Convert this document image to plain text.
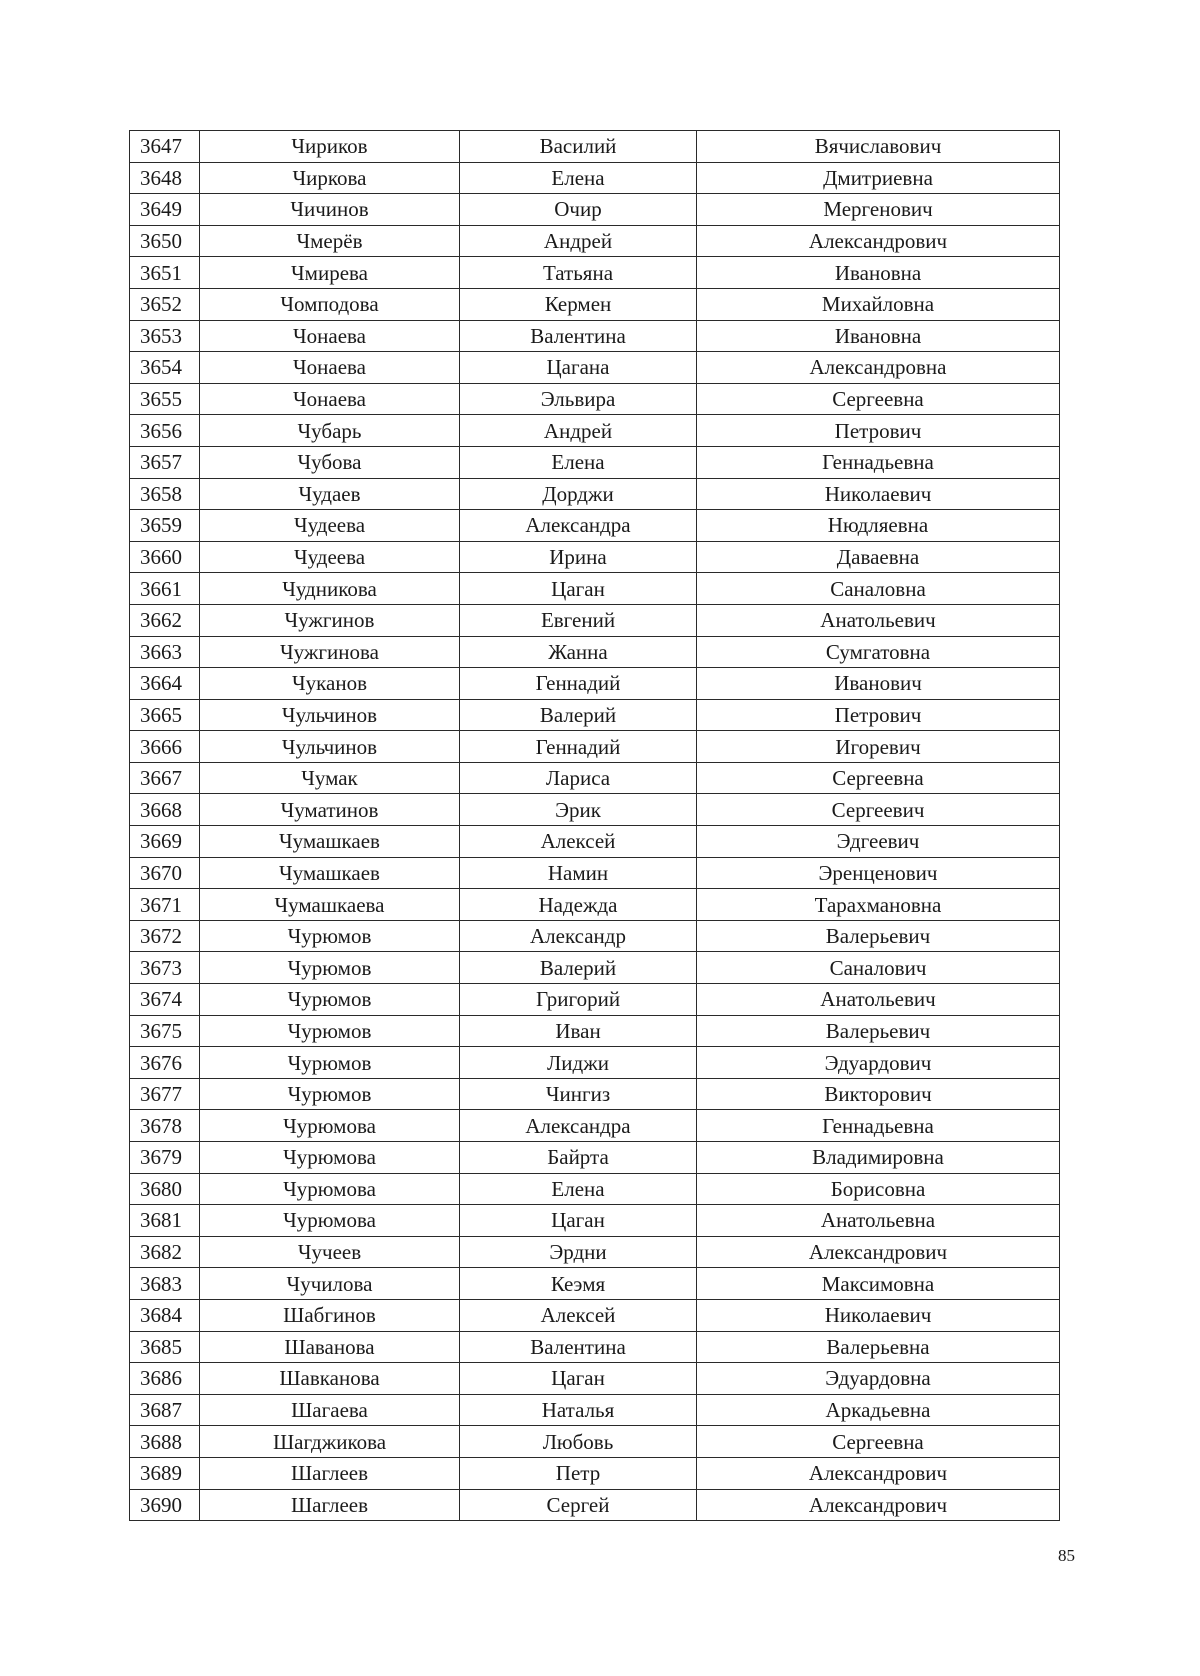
3647	Чириков	Василий	Вячиславович
3648	Чиркова	Елена	Дмитриевна
3649	Чичинов	Очир	Мергенович
3650	Чмерёв	Андрей	Александрович
3651	Чмирева	Татьяна	Ивановна
3652	Чомподова	Кермен	Михайловна
3653	Чонаева	Валентина	Ивановна
3654	Чонаева	Цагана	Александровна
3655	Чонаева	Эльвира	Сергеевна
3656	Чубарь	Андрей	Петрович
3657	Чубова	Елена	Геннадьевна
3658	Чудаев	Дорджи	Николаевич
3659	Чудеева	Александра	Нюдляевна
3660	Чудеева	Ирина	Даваевна
3661	Чудникова	Цаган	Саналовна
3662	Чужгинов	Евгений	Анатольевич
3663	Чужгинова	Жанна	Сумгатовна
3664	Чуканов	Геннадий	Иванович
3665	Чульчинов	Валерий	Петрович
3666	Чульчинов	Геннадий	Игоревич
3667	Чумак	Лариса	Сергеевна
3668	Чуматинов	Эрик	Сергеевич
3669	Чумашкаев	Алексей	Эдгеевич
3670	Чумашкаев	Намин	Эренценович
3671	Чумашкаева	Надежда	Тарахмановна
3672	Чурюмов	Александр	Валерьевич
3673	Чурюмов	Валерий	Саналович
3674	Чурюмов	Григорий	Анатольевич
3675	Чурюмов	Иван	Валерьевич
3676	Чурюмов	Лиджи	Эдуардович
3677	Чурюмов	Чингиз	Викторович
3678	Чурюмова	Александра	Геннадьевна
3679	Чурюмова	Байрта	Владимировна
3680	Чурюмова	Елена	Борисовна
3681	Чурюмова	Цаган	Анатольевна
3682	Чучеев	Эрдни	Александрович
3683	Чучилова	Кеэмя	Максимовна
3684	Шабгинов	Алексей	Николаевич
3685	Шаванова	Валентина	Валерьевна
3686	Шавканова	Цаган	Эдуардовна
3687	Шагаева	Наталья	Аркадьевна
3688	Шагджикова	Любовь	Сергеевна
3689	Шаглеев	Петр	Александрович
3690	Шаглеев	Сергей	Александрович
85
